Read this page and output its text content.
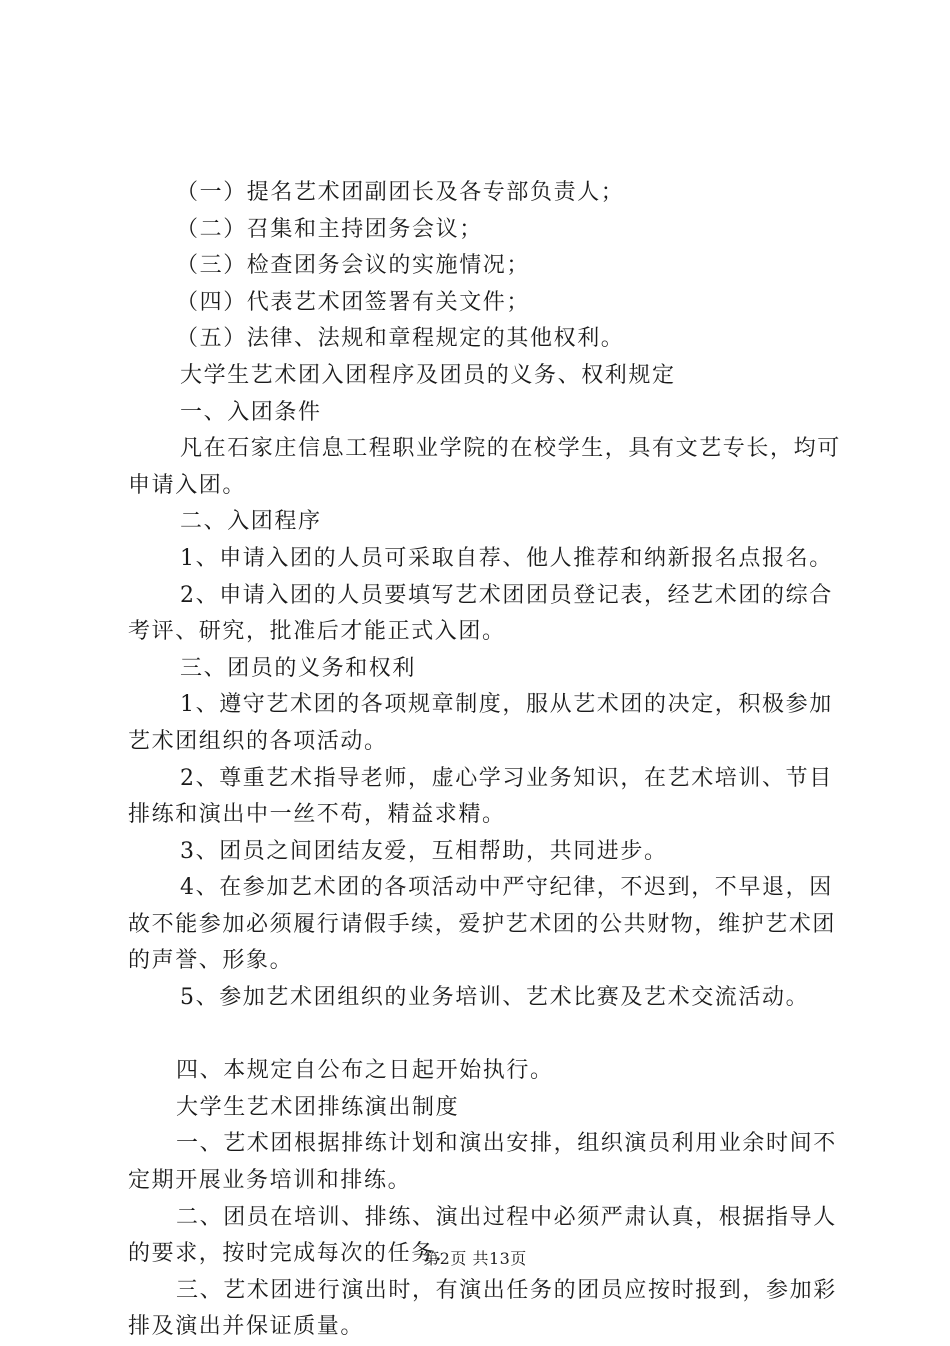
（一）提名艺术团副团长及各专部负责人；

（二）召集和主持团务会议；

（三）检查团务会议的实施情况；

（四）代表艺术团签署有关文件；

（五）法律、法规和章程规定的其他权利。

大学生艺术团入团程序及团员的义务、权利规定

一、入团条件

凡在石家庄信息工程职业学院的在校学生，具有文艺专长，均可申请入团。

二、入团程序

1、申请入团的人员可采取自荐、他人推荐和纳新报名点报名。

2、申请入团的人员要填写艺术团团员登记表，经艺术团的综合考评、研究，批准后才能正式入团。

三、团员的义务和权利

1、遵守艺术团的各项规章制度，服从艺术团的决定，积极参加艺术团组织的各项活动。

2、尊重艺术指导老师，虚心学习业务知识，在艺术培训、节目排练和演出中一丝不苟，精益求精。

3、团员之间团结友爱，互相帮助，共同进步。

4、在参加艺术团的各项活动中严守纪律，不迟到，不早退，因故不能参加必须履行请假手续，爱护艺术团的公共财物，维护艺术团的声誉、形象。

5、参加艺术团组织的业务培训、艺术比赛及艺术交流活动。

四、本规定自公布之日起开始执行。

大学生艺术团排练演出制度

一、艺术团根据排练计划和演出安排，组织演员利用业余时间不定期开展业务培训和排练。

二、团员在培训、排练、演出过程中必须严肃认真，根据指导人的要求，按时完成每次的任务.

三、艺术团进行演出时，有演出任务的团员应按时报到，参加彩排及演出并保证质量。

第2页 共13页
